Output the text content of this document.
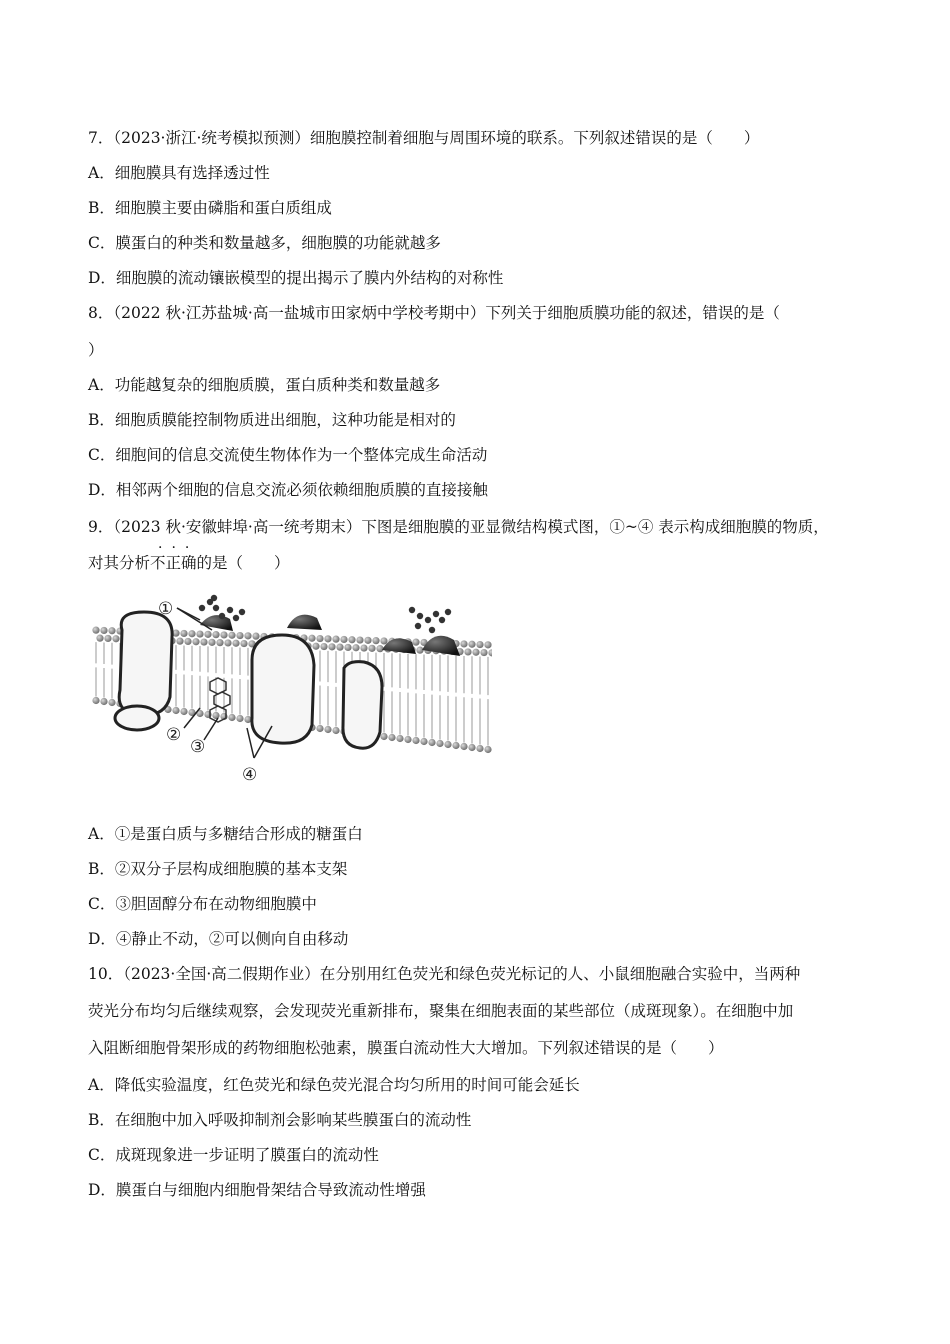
7．（2023·浙江·统考模拟预测）细胞膜控制着细胞与周围环境的联系。下列叙述错误的是（　　）
A．细胞膜具有选择透过性
B．细胞膜主要由磷脂和蛋白质组成
C．膜蛋白的种类和数量越多，细胞膜的功能就越多
D．细胞膜的流动镶嵌模型的提出揭示了膜内外结构的对称性
8．（2022 秋·江苏盐城·高一盐城市田家炳中学校考期中）下列关于细胞质膜功能的叙述，错误的是（
）
A．功能越复杂的细胞质膜，蛋白质种类和数量越多
B．细胞质膜能控制物质进出细胞，这种功能是相对的
C．细胞间的信息交流使生物体作为一个整体完成生命活动
D．相邻两个细胞的信息交流必须依赖细胞质膜的直接接触
9．（2023 秋·安徽蚌埠·高一统考期末）下图是细胞膜的亚显微结构模式图，①~④ 表示构成细胞膜的物质，
···
对其分析不正确的是（　　）
①
②
③
④
A．①是蛋白质与多糖结合形成的糖蛋白
B．②双分子层构成细胞膜的基本支架
C．③胆固醇分布在动物细胞膜中
D．④静止不动，②可以侧向自由移动
10．（2023·全国·高二假期作业）在分别用红色荧光和绿色荧光标记的人、小鼠细胞融合实验中，当两种
荧光分布均匀后继续观察，会发现荧光重新排布，聚集在细胞表面的某些部位（成斑现象）。在细胞中加
入阻断细胞骨架形成的药物细胞松弛素，膜蛋白流动性大大增加。下列叙述错误的是（　　）
A．降低实验温度，红色荧光和绿色荧光混合均匀所用的时间可能会延长
B．在细胞中加入呼吸抑制剂会影响某些膜蛋白的流动性
C．成斑现象进一步证明了膜蛋白的流动性
D．膜蛋白与细胞内细胞骨架结合导致流动性增强
